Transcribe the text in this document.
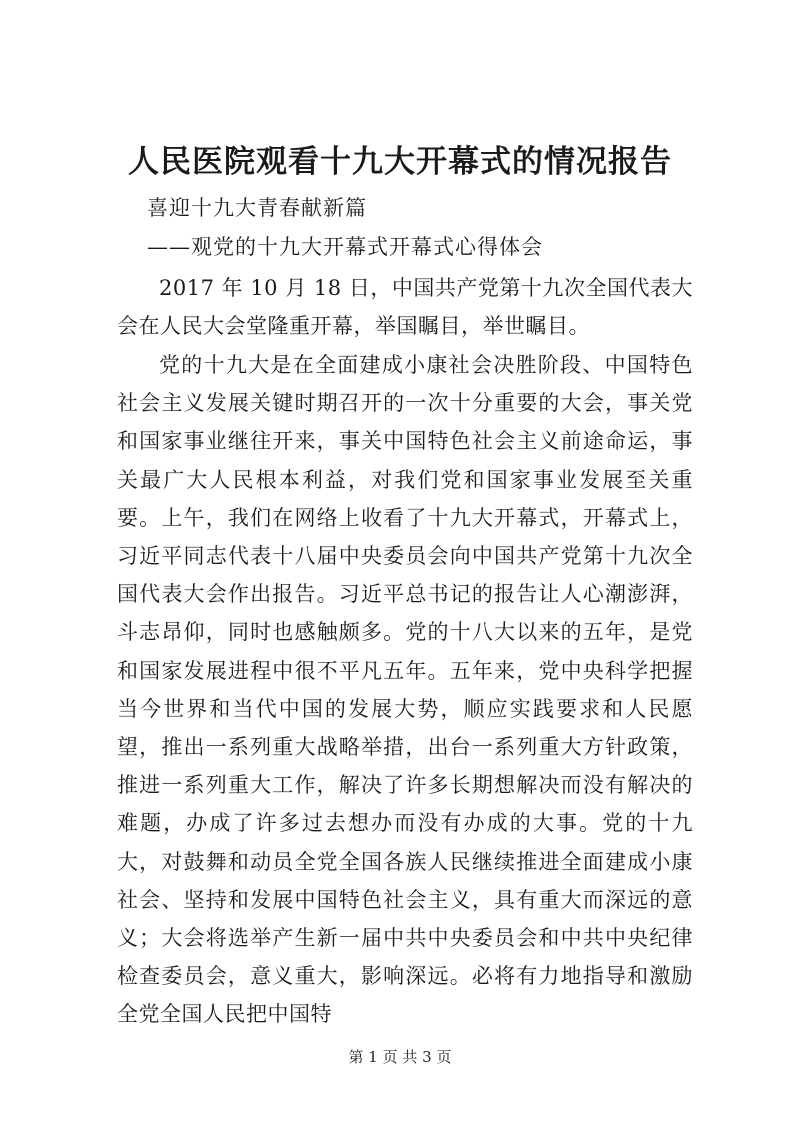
人民医院观看十九大开幕式的情况报告
喜迎十九大青春献新篇
——观党的十九大开幕式开幕式心得体会

2017 年 10 月 18 日，中国共产党第十九次全国代表大会在人民大会堂隆重开幕，举国瞩目，举世瞩目。

党的十九大是在全面建成小康社会决胜阶段、中国特色社会主义发展关键时期召开的一次十分重要的大会，事关党和国家事业继往开来，事关中国特色社会主义前途命运，事关最广大人民根本利益，对我们党和国家事业发展至关重要。上午，我们在网络上收看了十九大开幕式，开幕式上，习近平同志代表十八届中央委员会向中国共产党第十九次全国代表大会作出报告。习近平总书记的报告让人心潮澎湃，斗志昂仰，同时也感触颇多。党的十八大以来的五年，是党和国家发展进程中很不平凡五年。五年来，党中央科学把握当今世界和当代中国的发展大势，顺应实践要求和人民愿望，推出一系列重大战略举措，出台一系列重大方针政策，推进一系列重大工作，解决了许多长期想解决而没有解决的难题，办成了许多过去想办而没有办成的大事。党的十九大，对鼓舞和动员全党全国各族人民继续推进全面建成小康社会、坚持和发展中国特色社会主义，具有重大而深远的意义；大会将选举产生新一届中共中央委员会和中共中央纪律检查委员会，意义重大，影响深远。必将有力地指导和激励全党全国人民把中国特

第 1 页 共 3 页
